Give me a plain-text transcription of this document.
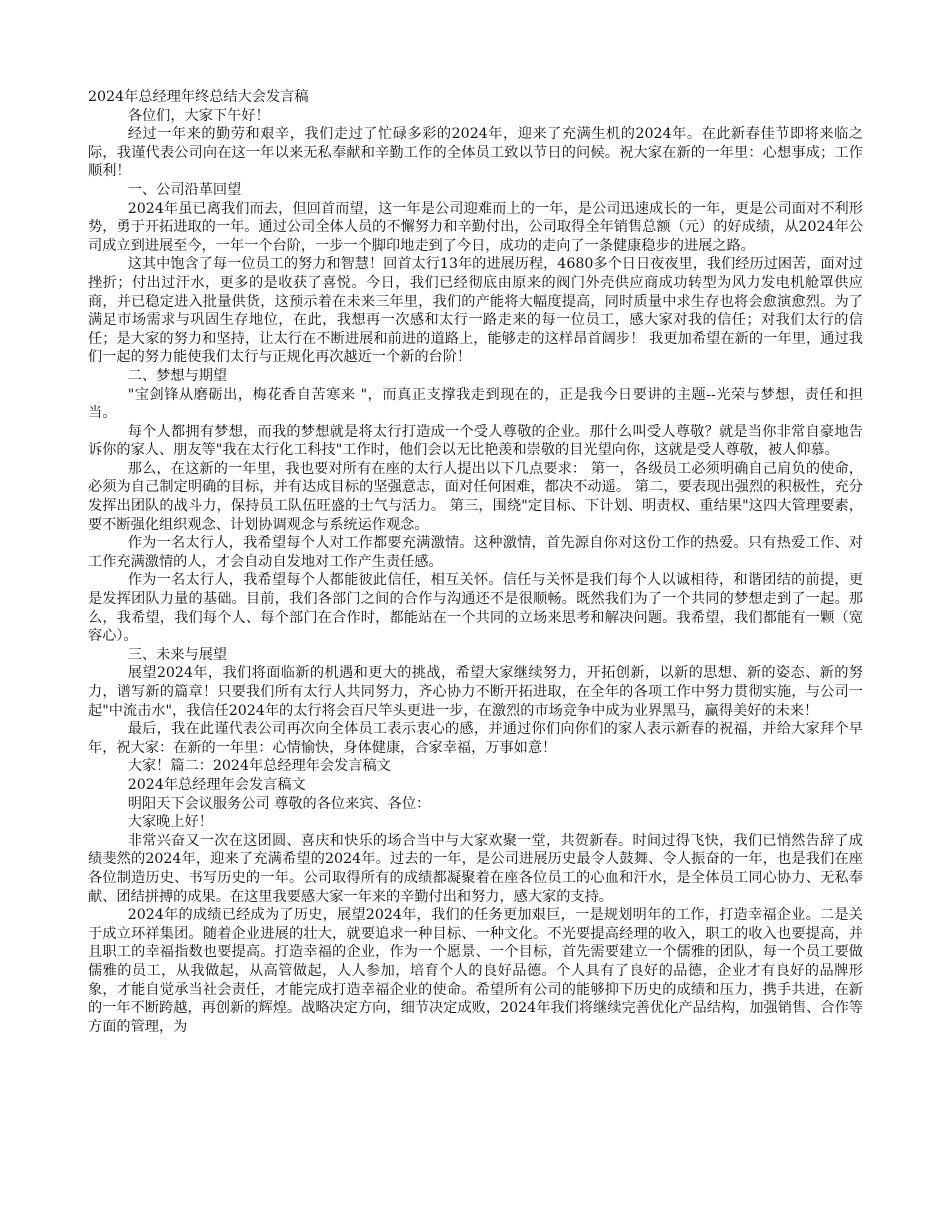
2024年总经理年终总结大会发言稿

各位们，大家下午好！

经过一年来的勤劳和艰辛，我们走过了忙碌多彩的2024年，迎来了充满生机的2024年。在此新春佳节即将来临之际，我谨代表公司向在这一年以来无私奉献和辛勤工作的全体员工致以节日的问候。祝大家在新的一年里：心想事成；工作顺利！

一、公司沿革回望

2024年虽已离我们而去，但回首而望，这一年是公司迎难而上的一年，是公司迅速成长的一年，更是公司面对不利形势，勇于开拓进取的一年。通过公司全体人员的不懈努力和辛勤付出，公司取得全年销售总额（元）的好成绩，从2024年公司成立到进展至今，一年一个台阶，一步一个脚印地走到了今日，成功的走向了一条健康稳步的进展之路。

这其中饱含了每一位员工的努力和智慧！回首太行13年的进展历程，4680多个日日夜夜里，我们经历过困苦，面对过挫折；付出过汗水，更多的是收获了喜悦。今日，我们已经彻底由原来的阀门外壳供应商成功转型为风力发电机舱罩供应商，并已稳定进入批量供货，这预示着在未来三年里，我们的产能将大幅度提高，同时质量中求生存也将会愈演愈烈。为了满足市场需求与巩固生存地位，在此，我想再一次感和太行一路走来的每一位员工，感大家对我的信任；对我们太行的信任；是大家的努力和坚持，让太行在不断进展和前进的道路上，能够走的这样昂首阔步！ 我更加希望在新的一年里，通过我们一起的努力能使我们太行与正规化再次越近一个新的台阶！

二、梦想与期望

"宝剑锋从磨砺出，梅花香自苦寒来 "，而真正支撑我走到现在的，正是我今日要讲的主题--光荣与梦想，责任和担当。

每个人都拥有梦想，而我的梦想就是将太行打造成一个受人尊敬的企业。那什么叫受人尊敬？就是当你非常自豪地告诉你的家人、朋友等"我在太行化工科技"工作时，他们会以无比艳羡和崇敬的目光望向你，这就是受人尊敬，被人仰慕。

那么，在这新的一年里，我也要对所有在座的太行人提出以下几点要求： 第一，各级员工必须明确自己肩负的使命，必须为自己制定明确的目标，并有达成目标的坚强意志，面对任何困难，都决不动遥。 第二，要表现出强烈的积极性，充分发挥出团队的战斗力，保持员工队伍旺盛的士气与活力。 第三，围绕"定目标、下计划、明责权、重结果"这四大管理要素，要不断强化组织观念、计划协调观念与系统运作观念。

作为一名太行人，我希望每个人对工作都要充满激情。这种激情，首先源自你对这份工作的热爱。只有热爱工作、对工作充满激情的人，才会自动自发地对工作产生责任感。

作为一名太行人，我希望每个人都能彼此信任，相互关怀。信任与关怀是我们每个人以诚相待，和谐团结的前提，更是发挥团队力量的基础。目前，我们各部门之间的合作与沟通还不是很顺畅。既然我们为了一个共同的梦想走到了一起。那么，我希望，我们每个人、每个部门在合作时，都能站在一个共同的立场来思考和解决问题。我希望，我们都能有一颗（宽容心）。

三、未来与展望

展望2024年，我们将面临新的机遇和更大的挑战，希望大家继续努力，开拓创新，以新的思想、新的姿态、新的努力，谱写新的篇章！只要我们所有太行人共同努力，齐心协力不断开拓进取，在全年的各项工作中努力贯彻实施，与公司一起"中流击水"，我信任2024年的太行将会百尺竿头更进一步，在激烈的市场竞争中成为业界黑马，赢得美好的未来！

最后，我在此谨代表公司再次向全体员工表示衷心的感，并通过你们向你们的家人表示新春的祝福，并给大家拜个早年，祝大家：在新的一年里：心情愉快，身体健康，合家幸福，万事如意！

大家！篇二：2024年总经理年会发言稿文

2024年总经理年会发言稿文

明阳天下会议服务公司 尊敬的各位来宾、各位：

大家晚上好！

非常兴奋又一次在这团圆、喜庆和快乐的场合当中与大家欢聚一堂，共贺新春。时间过得飞快，我们已悄然告辞了成绩斐然的2024年，迎来了充满希望的2024年。过去的一年，是公司进展历史最令人鼓舞、令人振奋的一年，也是我们在座各位制造历史、书写历史的一年。公司取得所有的成绩都凝聚着在座各位员工的心血和汗水，是全体员工同心协力、无私奉献、团结拼搏的成果。在这里我要感大家一年来的辛勤付出和努力，感大家的支持。

2024年的成绩已经成为了历史，展望2024年，我们的任务更加艰巨，一是规划明年的工作，打造幸福企业。二是关于成立环祥集团。随着企业进展的壮大，就要追求一种目标、一种文化。不光要提高经理的收入，职工的收入也要提高，并且职工的幸福指数也要提高。打造幸福的企业，作为一个愿景、一个目标，首先需要建立一个儒雅的团队，每一个员工要做儒雅的员工，从我做起，从高管做起，人人参加，培育个人的良好品德。个人具有了良好的品德，企业才有良好的品牌形象，才能自觉承当社会责任，才能完成打造幸福企业的使命。希望所有公司的能够抑下历史的成绩和压力，携手共进，在新的一年不断跨越，再创新的辉煌。战略决定方向，细节决定成败，2024年我们将继续完善优化产品结构，加强销售、合作等方面的管理，为
